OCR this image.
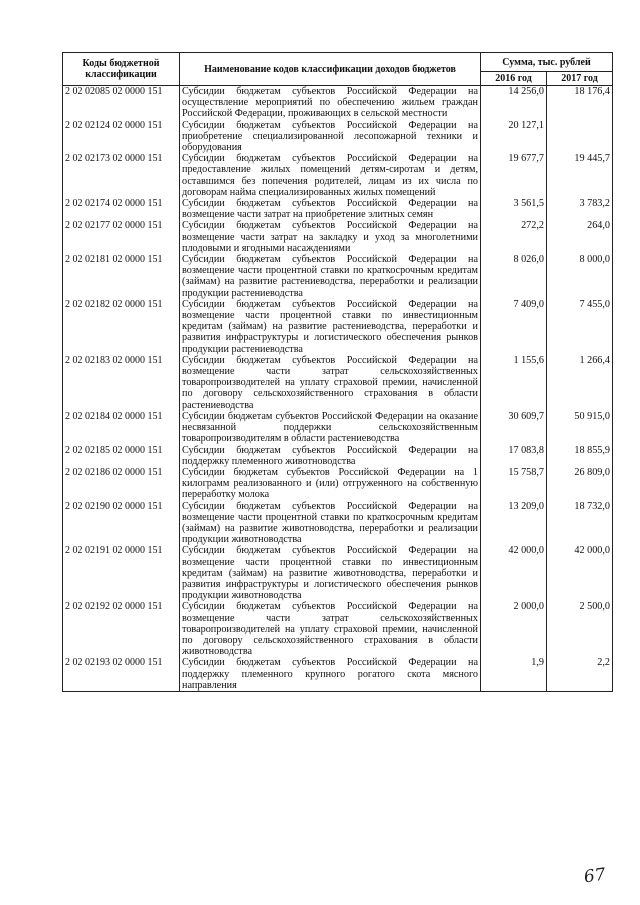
Коды бюджетной классификации	Наименование кодов классификации доходов бюджетов	Сумма, тыс. рублей	
		2016 год	2017 год
2 02 02085 02 0000 151	Субсидии бюджетам субъектов Российской Федерации на осуществление мероприятий по обеспечению жильем граждан Российской Федерации, проживающих в сельской местности	14 256,0	18 176,4
2 02 02124 02 0000 151	Субсидии бюджетам субъектов Российской Федерации на приобретение специализированной лесопожарной техники и оборудования	20 127,1	
2 02 02173 02 0000 151	Субсидии бюджетам субъектов Российской Федерации на предоставление жилых помещений детям-сиротам и детям, оставшимся без попечения родителей, лицам из их числа по договорам найма специализированных жилых помещений	19 677,7	19 445,7
2 02 02174 02 0000 151	Субсидии бюджетам субъектов Российской Федерации на возмещение части затрат на приобретение элитных семян	3 561,5	3 783,2
2 02 02177 02 0000 151	Субсидии бюджетам субъектов Российской Федерации на возмещение части затрат на закладку и уход за многолетними плодовыми и ягодными насаждениями	272,2	264,0
2 02 02181 02 0000 151	Субсидии бюджетам субъектов Российской Федерации на возмещение части процентной ставки по краткосрочным кредитам (займам) на развитие растениеводства, переработки и реализации продукции растениеводства	8 026,0	8 000,0
2 02 02182 02 0000 151	Субсидии бюджетам субъектов Российской Федерации на возмещение части процентной ставки по инвестиционным кредитам (займам) на развитие растениеводства, переработки и развития инфраструктуры и логистического обеспечения рынков продукции растениеводства	7 409,0	7 455,0
2 02 02183 02 0000 151	Субсидии бюджетам субъектов Российской Федерации на возмещение части затрат сельскохозяйственных товаропроизводителей на уплату страховой премии, начисленной по договору сельскохозяйственного страхования в области растениеводства	1 155,6	1 266,4
2 02 02184 02 0000 151	Субсидии бюджетам субъектов Российской Федерации на оказание несвязанной поддержки сельскохозяйственным товаропроизводителям в области растениеводства	30 609,7	50 915,0
2 02 02185 02 0000 151	Субсидии бюджетам субъектов Российской Федерации на поддержку племенного животноводства	17 083,8	18 855,9
2 02 02186 02 0000 151	Субсидии бюджетам субъектов Российской Федерации на 1 килограмм реализованного и (или) отгруженного на собственную переработку молока	15 758,7	26 809,0
2 02 02190 02 0000 151	Субсидии бюджетам субъектов Российской Федерации на возмещение части процентной ставки по краткосрочным кредитам (займам) на развитие животноводства, переработки и реализации продукции животноводства	13 209,0	18 732,0
2 02 02191 02 0000 151	Субсидии бюджетам субъектов Российской Федерации на возмещение части процентной ставки по инвестиционным кредитам (займам) на развитие животноводства, переработки и развития инфраструктуры и логистического обеспечения рынков продукции животноводства	42 000,0	42 000,0
2 02 02192 02 0000 151	Субсидии бюджетам субъектов Российской Федерации на возмещение части затрат сельскохозяйственных товаропроизводителей на уплату страховой премии, начисленной по договору сельскохозяйственного страхования в области животноводства	2 000,0	2 500,0
2 02 02193 02 0000 151	Субсидии бюджетам субъектов Российской Федерации на поддержку племенного крупного рогатого скота мясного направления	1,9	2,2
67
